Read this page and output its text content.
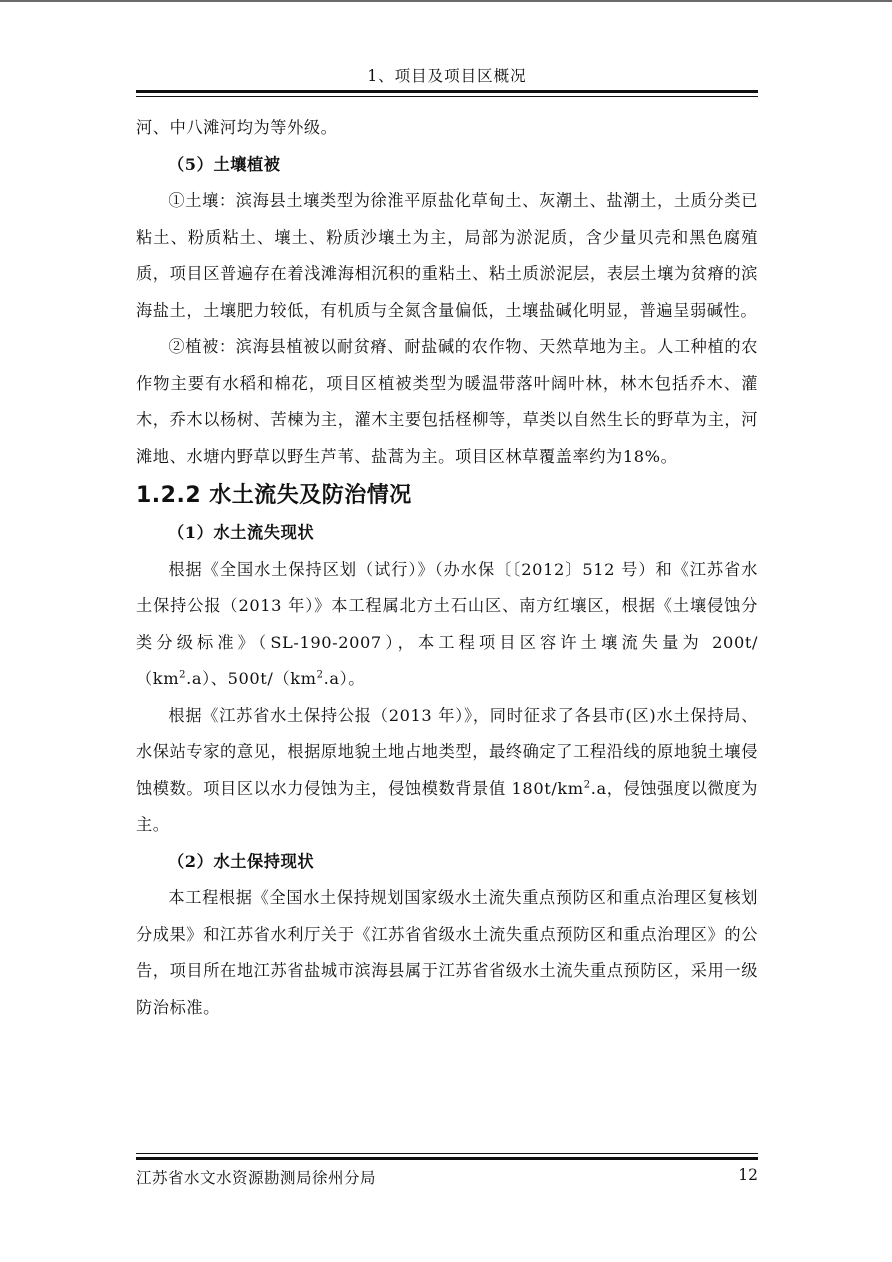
1、项目及项目区概况

河、中八滩河均为等外级。

（5）土壤植被

①土壤：滨海县土壤类型为徐淮平原盐化草甸土、灰潮土、盐潮土，土质分类已粘土、粉质粘土、壤土、粉质沙壤土为主，局部为淤泥质，含少量贝壳和黑色腐殖质，项目区普遍存在着浅滩海相沉积的重粘土、粘土质淤泥层，表层土壤为贫瘠的滨海盐土，土壤肥力较低，有机质与全氮含量偏低，土壤盐碱化明显，普遍呈弱碱性。

②植被：滨海县植被以耐贫瘠、耐盐碱的农作物、天然草地为主。人工种植的农作物主要有水稻和棉花，项目区植被类型为暖温带落叶阔叶林，林木包括乔木、灌木，乔木以杨树、苦楝为主，灌木主要包括柽柳等，草类以自然生长的野草为主，河滩地、水塘内野草以野生芦苇、盐蒿为主。项目区林草覆盖率约为18%。

1.2.2 水土流失及防治情况

（1）水土流失现状

根据《全国水土保持区划（试行）》（办水保〔〔2012〕512 号）和《江苏省水土保持公报（2013 年）》本工程属北方土石山区、南方红壤区，根据《土壤侵蚀分类分级标准》（SL-190-2007），本工程项目区容许土壤流失量为 $200t/(km^2.a)$、$500t/(km^2.a)$。

根据《江苏省水土保持公报（2013 年）》，同时征求了各县市(区)水土保持局、水保站专家的意见，根据原地貌土地占地类型，最终确定了工程沿线的原地貌土壤侵蚀模数。项目区以水力侵蚀为主，侵蚀模数背景值 $180t/km^2.a$，侵蚀强度以微度为主。

（2）水土保持现状

本工程根据《全国水土保持规划国家级水土流失重点预防区和重点治理区复核划分成果》和江苏省水利厅关于《江苏省省级水土流失重点预防区和重点治理区》的公告，项目所在地江苏省盐城市滨海县属于江苏省省级水土流失重点预防区，采用一级防治标准。

江苏省水文水资源勘测局徐州分局	12
